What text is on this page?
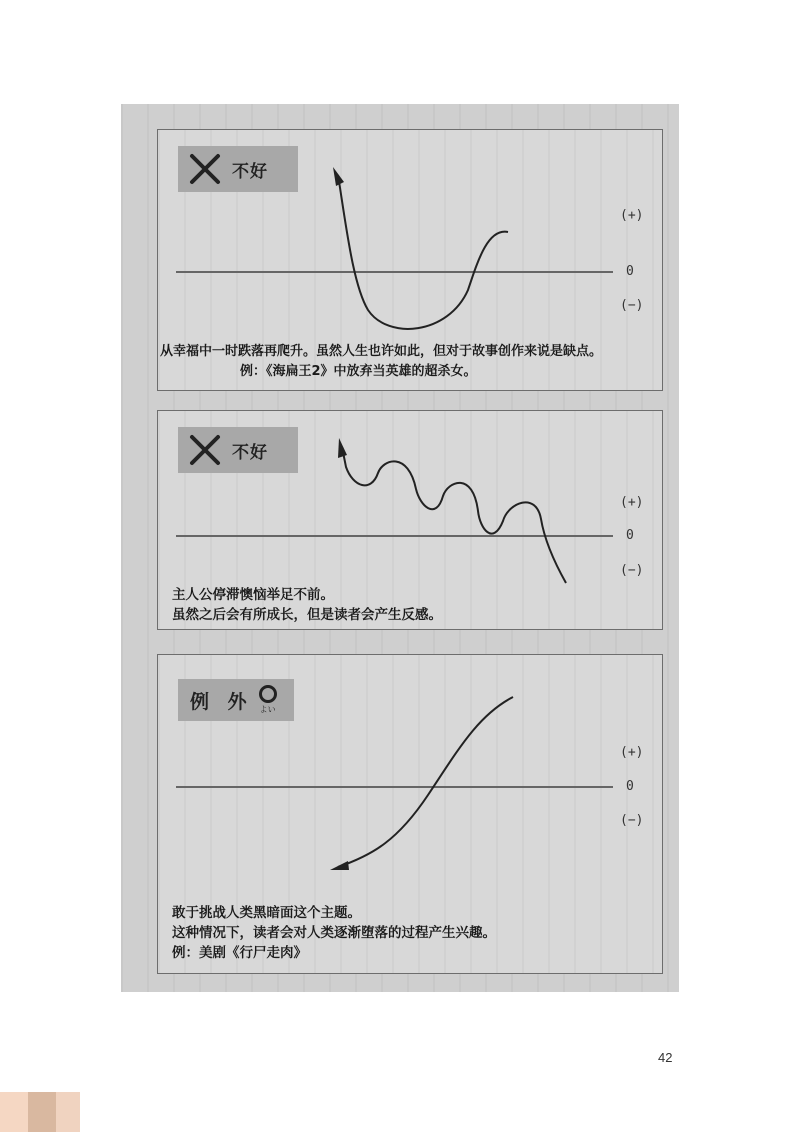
不好
(+)
0
(−)
从幸福中一时跌落再爬升。虽然人生也许如此，但对于故事创作来说是缺点。
例：《海扁王2》中放弃当英雄的超杀女。
不好
(+)
0
(−)
主人公停滞懊恼举足不前。
虽然之后会有所成长，但是读者会产生反感。
例 外 よい
(+)
0
(−)
敢于挑战人类黑暗面这个主题。
这种情况下，读者会对人类逐渐堕落的过程产生兴趣。
例：美剧《行尸走肉》
42
